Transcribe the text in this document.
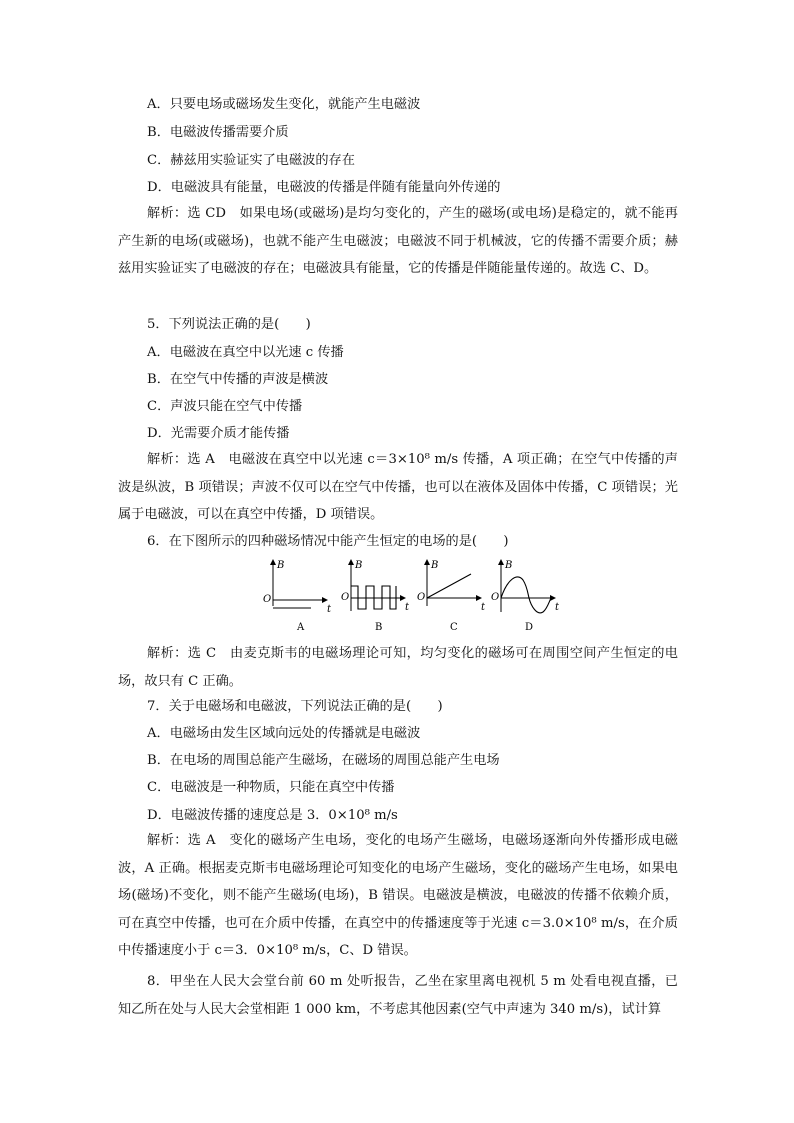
A．只要电场或磁场发生变化，就能产生电磁波
B．电磁波传播需要介质
C．赫兹用实验证实了电磁波的存在
D．电磁波具有能量，电磁波的传播是伴随有能量向外传递的
解析：选 CD　如果电场(或磁场)是均匀变化的，产生的磁场(或电场)是稳定的，就不能再产生新的电场(或磁场)，也就不能产生电磁波；电磁波不同于机械波，它的传播不需要介质；赫兹用实验证实了电磁波的存在；电磁波具有能量，它的传播是伴随能量传递的。故选 C、D。
5．下列说法正确的是(　　)
A．电磁波在真空中以光速 c 传播
B．在空气中传播的声波是横波
C．声波只能在空气中传播
D．光需要介质才能传播
解析：选 A　电磁波在真空中以光速 c＝3×10⁸ m/s 传播，A 项正确；在空气中传播的声波是纵波，B 项错误；声波不仅可以在空气中传播，也可以在液体及固体中传播，C 项错误；光属于电磁波，可以在真空中传播，D 项错误。
6．在下图所示的四种磁场情况中能产生恒定的电场的是(　　)
B
t
O
A
B
t
O
B
B
t
O
C
B
t
O
D
解析：选 C　由麦克斯韦的电磁场理论可知，均匀变化的磁场可在周围空间产生恒定的电场，故只有 C 正确。
7．关于电磁场和电磁波，下列说法正确的是(　　)
A．电磁场由发生区域向远处的传播就是电磁波
B．在电场的周围总能产生磁场，在磁场的周围总能产生电场
C．电磁波是一种物质，只能在真空中传播
D．电磁波传播的速度总是 3．0×10⁸ m/s
解析：选 A　变化的磁场产生电场，变化的电场产生磁场，电磁场逐渐向外传播形成电磁波，A 正确。根据麦克斯韦电磁场理论可知变化的电场产生磁场，变化的磁场产生电场，如果电场(磁场)不变化，则不能产生磁场(电场)，B 错误。电磁波是横波，电磁波的传播不依赖介质，可在真空中传播，也可在介质中传播，在真空中的传播速度等于光速 c＝3.0×10⁸ m/s，在介质中传播速度小于 c＝3．0×10⁸ m/s，C、D 错误。
8．甲坐在人民大会堂台前 60 m 处听报告，乙坐在家里离电视机 5 m 处看电视直播，已知乙所在处与人民大会堂相距 1 000 km，不考虑其他因素(空气中声速为 340 m/s)，试计算
